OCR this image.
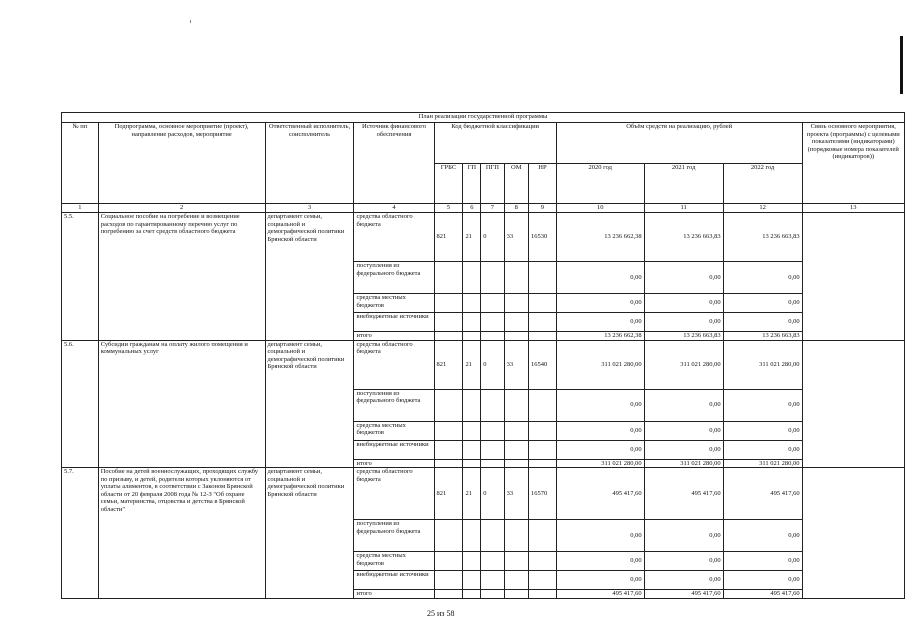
План реализации государственной программы												
№ пп	Подпрограмма, основное мероприятие (проект), направление расходов, мероприятие	Ответственный исполнитель, соисполнитель	Источник финансового обеспечения	Код бюджетной классификации					Объём средств на реализацию, рублей			Связь основного мероприятия, проекта (программы) с целевыми показателями (индикаторами) (порядковые номера показателей (индикаторов))
				ГРБС	ГП	ПГП	ОМ	НР	2020 год	2021 год	2022 год	
1	2	3	4	5	6	7	8	9	10	11	12	13
5.5.	Социальное пособие на погребение и возмещение расходов по гарантированному перечню услуг по погребению за счет средств областного бюджета	департамент семьи, социальной и демографической политики Брянской области	средства областного бюджета	821	21	0	33	16530	13 236 662,38	13 236 663,83	13 236 663,83	
			поступления из федерального бюджета						0,00	0,00	0,00	
			средства местных бюджетов						0,00	0,00	0,00	
			внебюджетные источники						0,00	0,00	0,00	
			итого						13 236 662,38	13 236 663,83	13 236 663,83	
5.6.	Субсидии гражданам на оплату жилого помещения и коммунальных услуг	департамент семьи, социальной и демографической политики Брянской области	средства областного бюджета	821	21	0	33	16540	311 021 280,00	311 021 280,00	311 021 280,00	
			поступления из федерального бюджета						0,00	0,00	0,00	
			средства местных бюджетов						0,00	0,00	0,00	
			внебюджетные источники						0,00	0,00	0,00	
			итого						311 021 280,00	311 021 280,00	311 021 280,00	
5.7.	Пособие на детей военнослужащих, проходящих службу по призыву, и детей, родители которых уклоняются от уплаты алиментов, в соответствии с Законом Брянской области от 20 февраля 2008 года № 12-З "Об охране семьи, материнства, отцовства и детства в Брянской области"	департамент семьи, социальной и демографической политики Брянской области	средства областного бюджета	821	21	0	33	16570	495 417,60	495 417,60	495 417,60	
			поступления из федерального бюджета						0,00	0,00	0,00	
			средства местных бюджетов						0,00	0,00	0,00	
			внебюджетные источники						0,00	0,00	0,00	
			итого						495 417,60	495 417,60	495 417,60	
25 из 58
